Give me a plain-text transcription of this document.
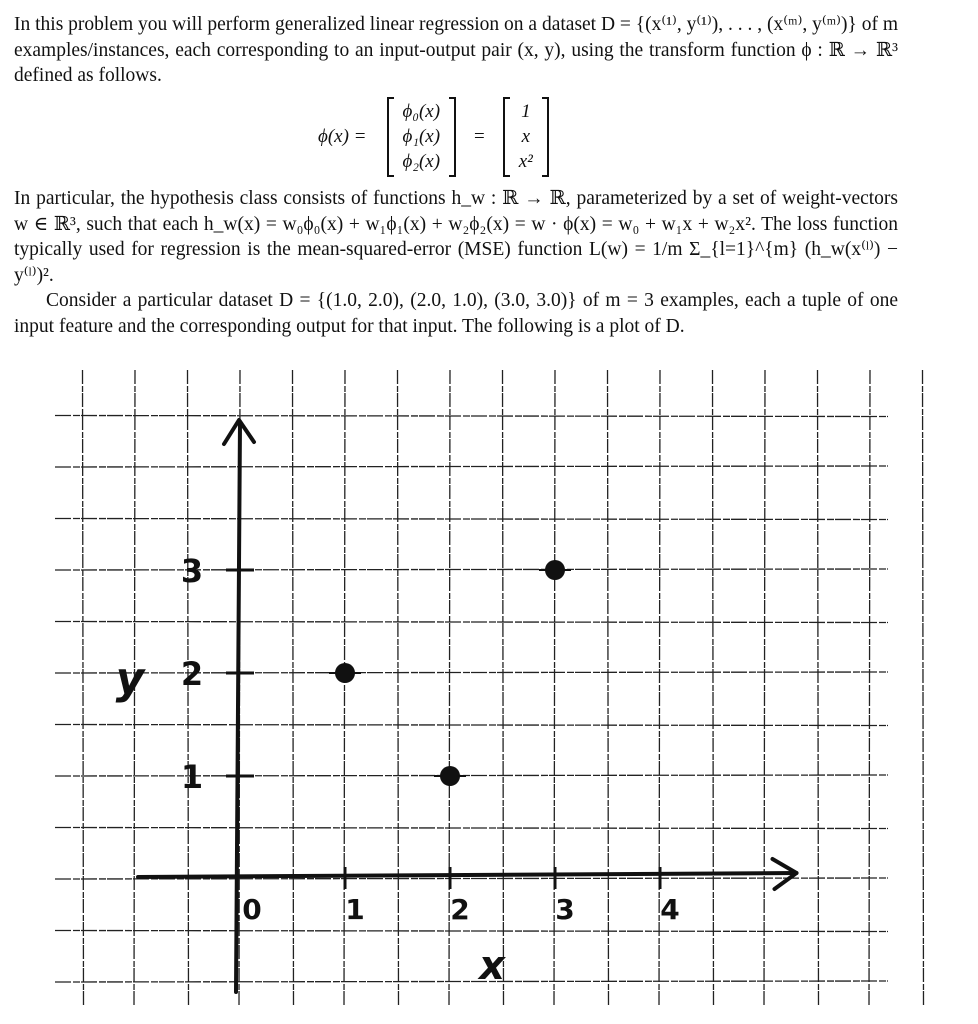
In this problem you will perform generalized linear regression on a dataset D = {(x⁽¹⁾, y⁽¹⁾), . . . , (x⁽ᵐ⁾, y⁽ᵐ⁾)} of m examples/instances, each corresponding to an input-output pair (x, y), using the transform function ϕ : ℝ → ℝ³ defined as follows.

ϕ(x) =
ϕ₀(x)
ϕ₁(x)
ϕ₂(x)
=
1
x
x²

In particular, the hypothesis class consists of functions h_w : ℝ → ℝ, parameterized by a set of weight-vectors w ∈ ℝ³, such that each h_w(x) = w₀ϕ₀(x) + w₁ϕ₁(x) + w₂ϕ₂(x) = w · ϕ(x) = w₀ + w₁x + w₂x². The loss function typically used for regression is the mean-squared-error (MSE) function L(w) = 1/m Σ_{l=1}^{m} (h_w(x⁽ˡ⁾) − y⁽ˡ⁾)².

Consider a particular dataset D = {(1.0, 2.0), (2.0, 1.0), (3.0, 3.0)} of m = 3 examples, each a tuple of one input feature and the corresponding output for that input. The following is a plot of D.

0	1	2	3	4
1
2
3
x
y
